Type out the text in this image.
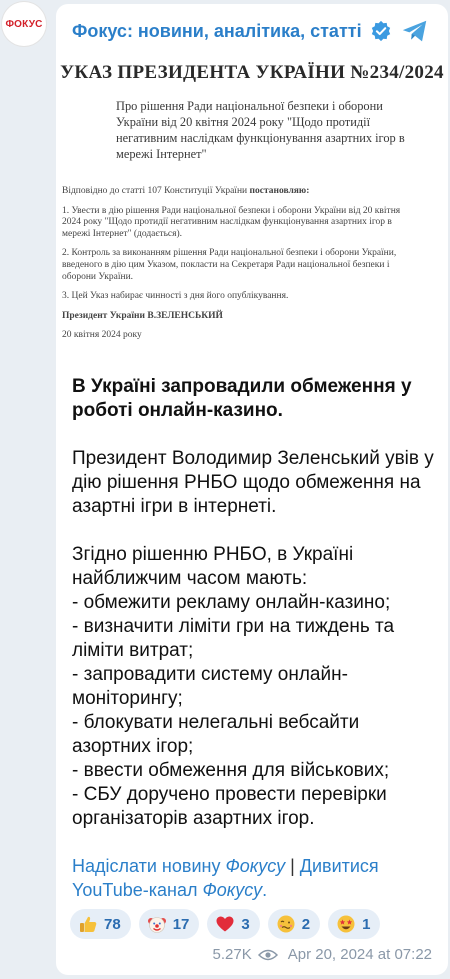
ФОКУС Фокус: новини, аналітика, статті
УКАЗ ПРЕЗИДЕНТА УКРАЇНИ №234/2024
Про рішення Ради національної безпеки і оборони України від 20 квітня 2024 року "Щодо протидії негативним наслідкам функціонування азартних ігор в мережі Інтернет"

Відповідно до статті 107 Конституції України постановляю:

1. Увести в дію рішення Ради національної безпеки і оборони України від 20 квітня 2024 року "Щодо протидії негативним наслідкам функціонування азартних ігор в мережі Інтернет" (додається).

2. Контроль за виконанням рішення Ради національної безпеки і оборони України, введеного в дію цим Указом, покласти на Секретаря Ради національної безпеки і оборони України.

3. Цей Указ набирає чинності з дня його опублікування.

Президент України В.ЗЕЛЕНСЬКИЙ

20 квітня 2024 року

В Україні запровадили обмеження у роботі онлайн-казино.

Президент Володимир Зеленський увів у дію рішення РНБО щодо обмеження на азартні ігри в інтернеті.

Згідно рішенню РНБО, в Україні найближчим часом мають:

- обмежити рекламу онлайн-казино;

- визначити ліміти гри на тиждень та ліміти витрат;

- запровадити систему онлайн-моніторингу;

- блокувати нелегальні вебсайти азортних ігор;

- ввести обмеження для військових;

- СБУ доручено провести перевірки організаторів азартних ігор.

Надіслати новину Фокусу | Дивитися YouTube-канал Фокусу.
78	17	3	2	1
5.27K Apr 20, 2024 at 07:22
